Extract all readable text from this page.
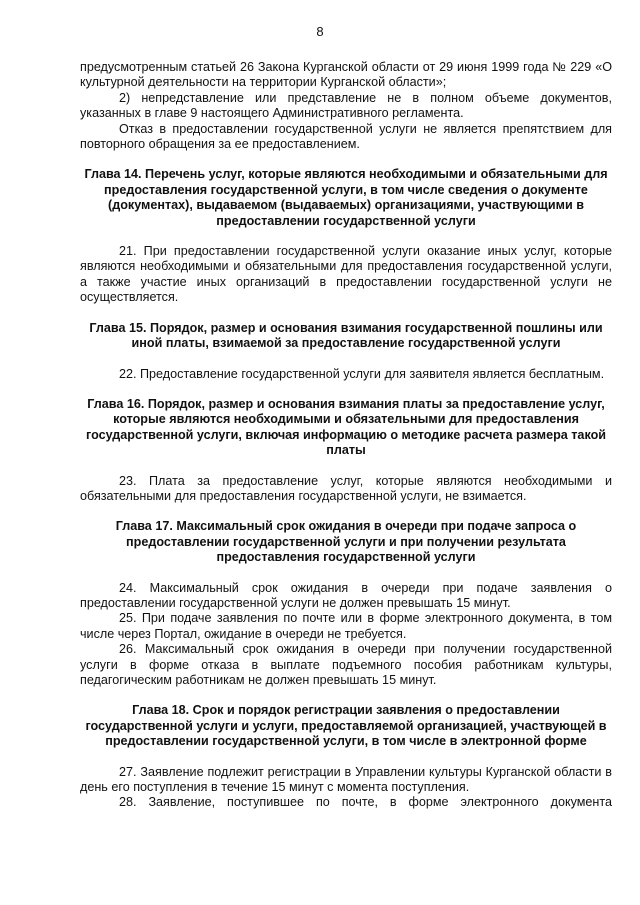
8

предусмотренным статьей 26 Закона Курганской области от 29 июня 1999 года № 229 «О культурной деятельности на территории Курганской области»;

2) непредставление или представление не в полном объеме документов, указанных в главе 9 настоящего Административного регламента.

Отказ в предоставлении государственной услуги не является препятствием для повторного обращения за ее предоставлением.

Глава 14. Перечень услуг, которые являются необходимыми и обязательными для предоставления государственной услуги, в том числе сведения о документе (документах), выдаваемом (выдаваемых) организациями, участвующими в предоставлении государственной услуги

21. При предоставлении государственной услуги оказание иных услуг, которые являются необходимыми и обязательными для предоставления государственной услуги, а также участие иных организаций в предоставлении государственной услуги не осуществляется.

Глава 15. Порядок, размер и основания взимания государственной пошлины или иной платы, взимаемой за предоставление государственной услуги

22. Предоставление государственной услуги для заявителя является бесплатным.

Глава 16. Порядок, размер и основания взимания платы за предоставление услуг, которые являются необходимыми и обязательными для предоставления государственной услуги, включая информацию о методике расчета размера такой платы

23. Плата за предоставление услуг, которые являются необходимыми и обязательными для предоставления государственной услуги, не взимается.

Глава 17. Максимальный срок ожидания в очереди при подаче запроса о предоставлении государственной услуги и при получении результата предоставления государственной услуги

24. Максимальный срок ожидания в очереди при подаче заявления о предоставлении государственной услуги не должен превышать 15 минут.

25. При подаче заявления по почте или в форме электронного документа, в том числе через Портал, ожидание в очереди не требуется.

26. Максимальный срок ожидания в очереди при получении государственной услуги в форме отказа в выплате подъемного пособия работникам культуры, педагогическим работникам не должен превышать 15 минут.

Глава 18. Срок и порядок регистрации заявления о предоставлении государственной услуги и услуги, предоставляемой организацией, участвующей в предоставлении государственной услуги, в том числе в электронной форме

27. Заявление подлежит регистрации в Управлении культуры Курганской области в день его поступления в течение 15 минут с момента поступления.

28. Заявление, поступившее по почте, в форме электронного документа
